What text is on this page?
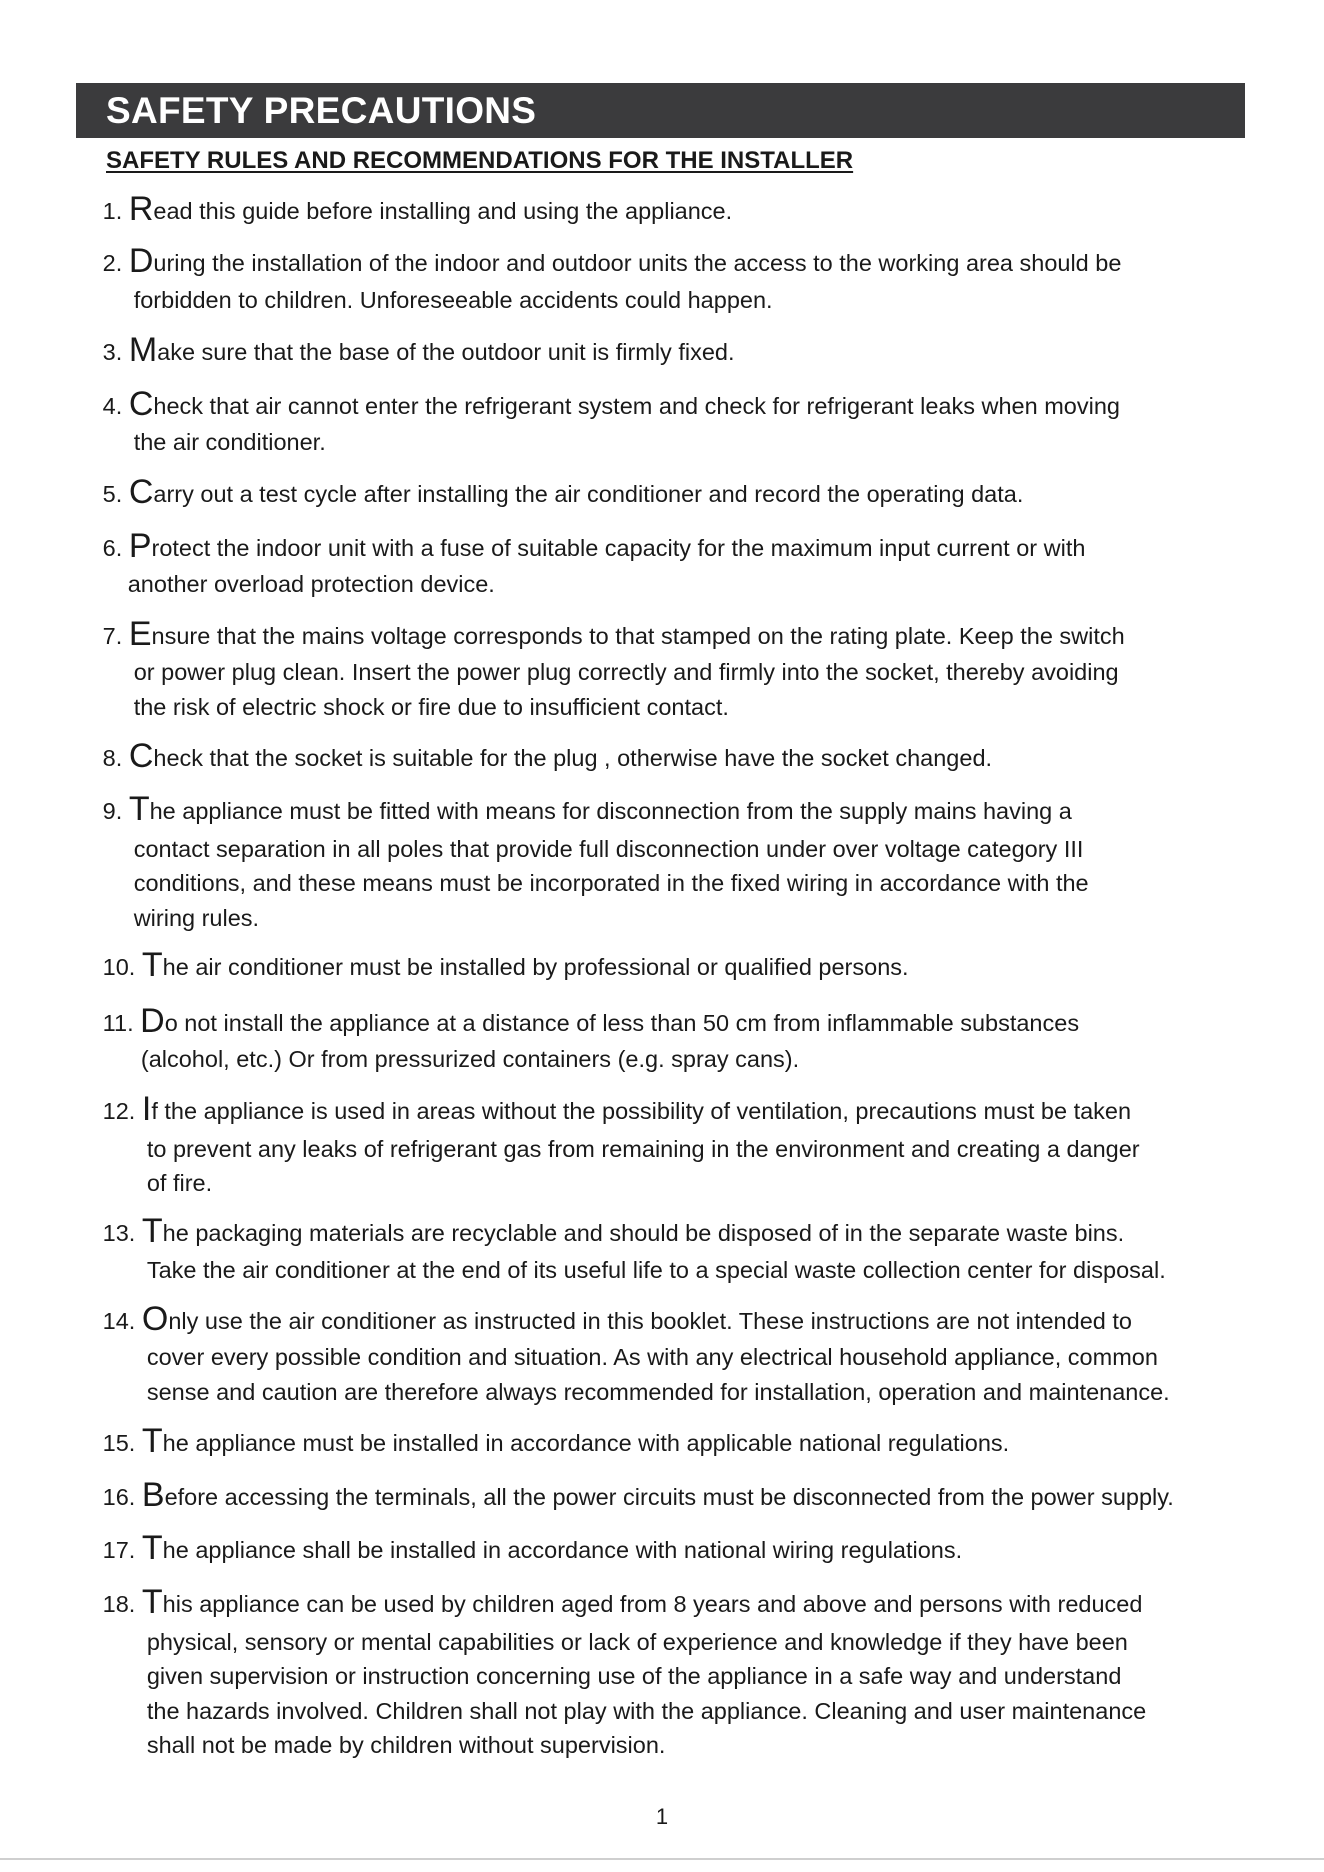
SAFETY PRECAUTIONS
SAFETY RULES AND RECOMMENDATIONS FOR THE INSTALLER
1. Read this guide before installing and using the appliance.
2. During the installation of the indoor and outdoor units the access to the working area should be
forbidden to children. Unforeseeable accidents could happen.
3. Make sure that the base of the outdoor unit is firmly fixed.
4. Check that air cannot enter the refrigerant system and check for refrigerant leaks when moving
the air conditioner.
5. Carry out a test cycle after installing the air conditioner and record the operating data.
6. Protect the indoor unit with a fuse of suitable capacity for the maximum input current or with
another overload protection device.
7. Ensure that the mains voltage corresponds to that stamped on the rating plate. Keep the switch
or power plug clean. Insert the power plug correctly and firmly into the socket, thereby avoiding
the risk of electric shock or fire due to insufficient contact.
8. Check that the socket is suitable for the plug , otherwise have the socket changed.
9. The appliance must be fitted with means for disconnection from the supply mains having a
contact separation in all poles that provide full disconnection under over voltage category III
conditions, and these means must be incorporated in the fixed wiring in accordance with the
wiring rules.
10. The air conditioner must be installed by professional or qualified persons.
11. Do not install the appliance at a distance of less than 50 cm from inflammable substances
(alcohol, etc.) Or from pressurized containers (e.g. spray cans).
12. If the appliance is used in areas without the possibility of ventilation, precautions must be taken
to prevent any leaks of refrigerant gas from remaining in the environment and creating a danger
of fire.
13. The packaging materials are recyclable and should be disposed of in the separate waste bins.
Take the air conditioner at the end of its useful life to a special waste collection center for disposal.
14. Only use the air conditioner as instructed in this booklet. These instructions are not intended to
cover every possible condition and situation. As with any electrical household appliance, common
sense and caution are therefore always recommended for installation, operation and maintenance.
15. The appliance must be installed in accordance with applicable national regulations.
16. Before accessing the terminals, all the power circuits must be disconnected from the power supply.
17. The appliance shall be installed in accordance with national wiring regulations.
18. This appliance can be used by children aged from 8 years and above and persons with reduced
physical, sensory or mental capabilities or lack of experience and knowledge if they have been
given supervision or instruction concerning use of the appliance in a safe way and understand
the hazards involved. Children shall not play with the appliance. Cleaning and user maintenance
shall not be made by children without supervision.
1
